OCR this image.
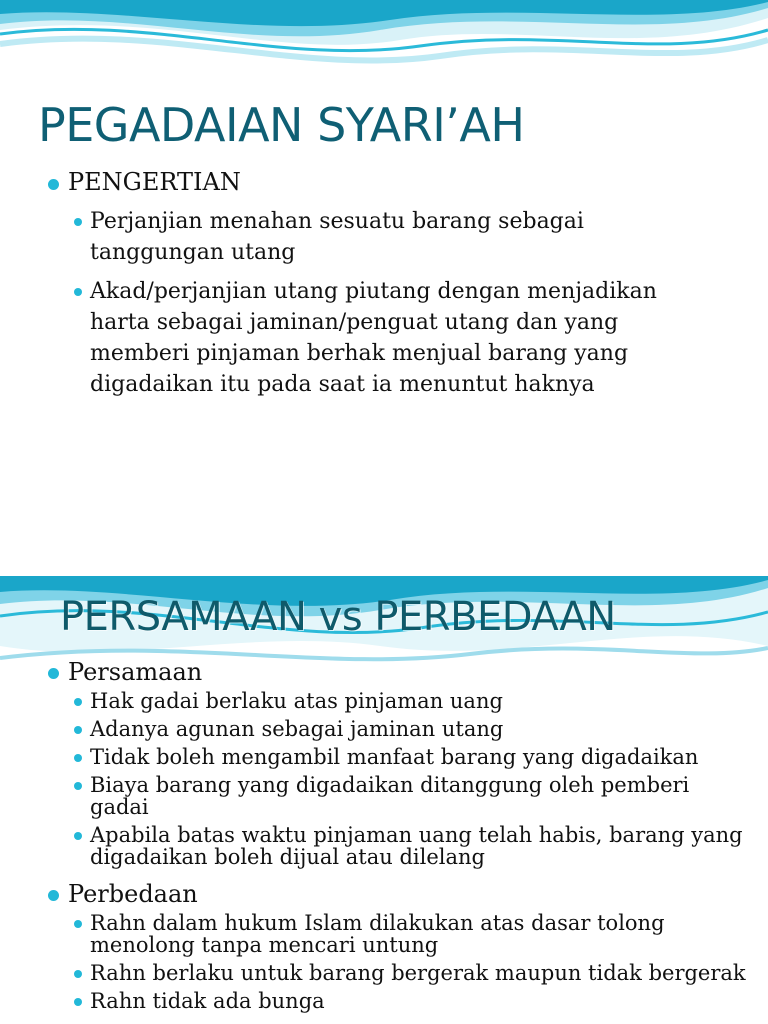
PEGADAIAN SYARI’AH
PENGERTIAN
Perjanjian menahan sesuatu barang sebagai tanggungan utang
Akad/perjanjian utang piutang dengan menjadikan harta sebagai jaminan/penguat utang dan yang memberi pinjaman berhak menjual barang yang digadaikan itu pada saat ia menuntut haknya
PERSAMAAN vs PERBEDAAN
Persamaan
Hak gadai berlaku atas pinjaman uang
Adanya agunan sebagai jaminan utang
Tidak boleh mengambil manfaat barang yang digadaikan
Biaya barang yang digadaikan ditanggung oleh pemberi gadai
Apabila batas waktu pinjaman uang telah habis, barang yang digadaikan boleh dijual atau dilelang
Perbedaan
Rahn dalam hukum Islam dilakukan atas dasar tolong menolong tanpa mencari untung
Rahn berlaku untuk barang bergerak maupun tidak bergerak
Rahn tidak ada bunga
